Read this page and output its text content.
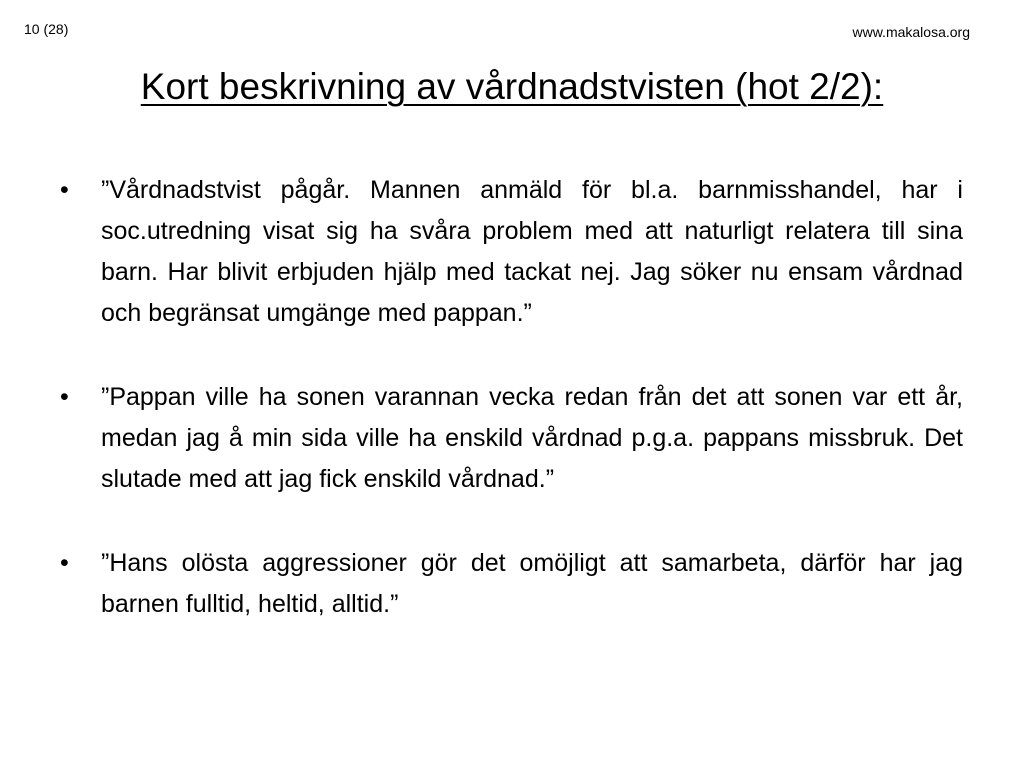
10 (28)	www.makalosa.org
Kort beskrivning av vårdnadstvisten (hot 2/2):
• ”Vårdnadstvist pågår. Mannen anmäld för bl.a. barnmisshandel, har i soc.utredning visat sig ha svåra problem med att naturligt relatera till sina barn. Har blivit erbjuden hjälp med tackat nej. Jag söker nu ensam vårdnad och begränsat umgänge med pappan.”
• ”Pappan ville ha sonen varannan vecka redan från det att sonen var ett år, medan jag å min sida ville ha enskild vårdnad p.g.a. pappans missbruk. Det slutade med att jag fick enskild vårdnad.”
• ”Hans olösta aggressioner gör det omöjligt att samarbeta, därför har jag barnen fulltid, heltid, alltid.”
